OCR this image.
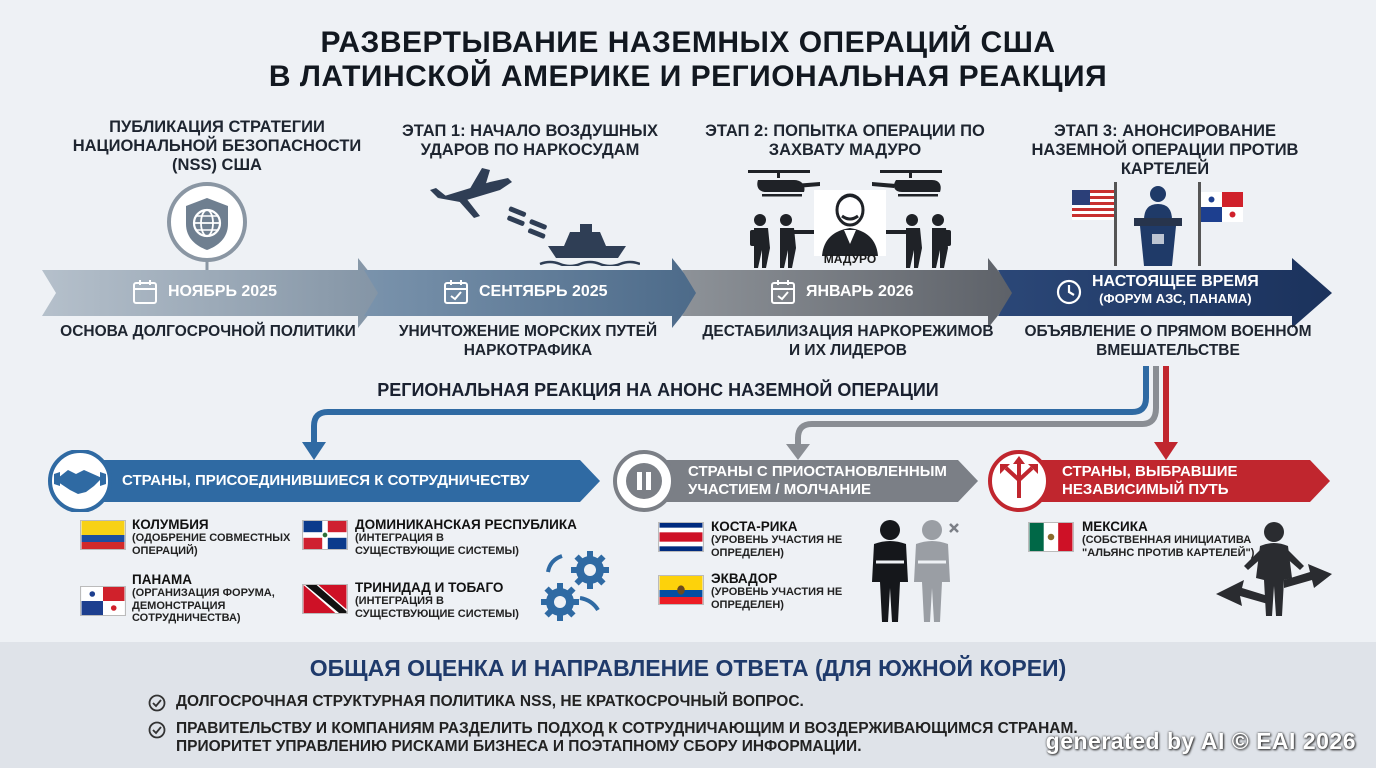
РАЗВЕРТЫВАНИЕ НАЗЕМНЫХ ОПЕРАЦИЙ США
В ЛАТИНСКОЙ АМЕРИКЕ И РЕГИОНАЛЬНАЯ РЕАКЦИЯ
ПУБЛИКАЦИЯ СТРАТЕГИИ НАЦИОНАЛЬНОЙ БЕЗОПАСНОСТИ (NSS) США
ЭТАП 1: НАЧАЛО ВОЗДУШНЫХ УДАРОВ ПО НАРКОСУДАМ
ЭТАП 2: ПОПЫТКА ОПЕРАЦИИ ПО ЗАХВАТУ МАДУРО
ЭТАП 3: АНОНСИРОВАНИЕ НАЗЕМНОЙ ОПЕРАЦИИ ПРОТИВ КАРТЕЛЕЙ
МАДУРО
НОЯБРЬ 2025	СЕНТЯБРЬ 2025	ЯНВАРЬ 2026
НАСТОЯЩЕЕ ВРЕМЯ
(ФОРУМ АЗС, ПАНАМА)
ОСНОВА ДОЛГОСРОЧНОЙ ПОЛИТИКИ	УНИЧТОЖЕНИЕ МОРСКИХ ПУТЕЙ НАРКОТРАФИКА
ДЕСТАБИЛИЗАЦИЯ НАРКОРЕЖИМОВ И ИХ ЛИДЕРОВ
ОБЪЯВЛЕНИЕ О ПРЯМОМ ВОЕННОМ ВМЕШАТЕЛЬСТВЕ
РЕГИОНАЛЬНАЯ РЕАКЦИЯ НА АНОНС НАЗЕМНОЙ ОПЕРАЦИИ
СТРАНЫ, ПРИСОЕДИНИВШИЕСЯ К СОТРУДНИЧЕСТВУ
СТРАНЫ С ПРИОСТАНОВЛЕННЫМ
УЧАСТИЕМ / МОЛЧАНИЕ
СТРАНЫ, ВЫБРАВШИЕ
НЕЗАВИСИМЫЙ ПУТЬ
КОЛУМБИЯ
(ОДОБРЕНИЕ СОВМЕСТНЫХ ОПЕРАЦИЙ)
ДОМИНИКАНСКАЯ РЕСПУБЛИКА
(ИНТЕГРАЦИЯ В СУЩЕСТВУЮЩИЕ СИСТЕМЫ)
ПАНАМА
(ОРГАНИЗАЦИЯ ФОРУМА, ДЕМОНСТРАЦИЯ СОТРУДНИЧЕСТВА)
ТРИНИДАД И ТОБАГО
(ИНТЕГРАЦИЯ В СУЩЕСТВУЮЩИЕ СИСТЕМЫ)
КОСТА-РИКА
(УРОВЕНЬ УЧАСТИЯ НЕ ОПРЕДЕЛЕН)
ЭКВАДОР
(УРОВЕНЬ УЧАСТИЯ НЕ ОПРЕДЕЛЕН)
МЕКСИКА
(СОБСТВЕННАЯ ИНИЦИАТИВА "АЛЬЯНС ПРОТИВ КАРТЕЛЕЙ")
ОБЩАЯ ОЦЕНКА И НАПРАВЛЕНИЕ ОТВЕТА (ДЛЯ ЮЖНОЙ КОРЕИ)
ДОЛГОСРОЧНАЯ СТРУКТУРНАЯ ПОЛИТИКА NSS, НЕ КРАТКОСРОЧНЫЙ ВОПРОС.
ПРАВИТЕЛЬСТВУ И КОМПАНИЯМ РАЗДЕЛИТЬ ПОДХОД К СОТРУДНИЧАЮЩИМ И ВОЗДЕРЖИВАЮЩИМСЯ СТРАНАМ.
ПРИОРИТЕТ УПРАВЛЕНИЮ РИСКАМИ БИЗНЕСА И ПОЭТАПНОМУ СБОРУ ИНФОРМАЦИИ.	generated by AI © EAI 2026
